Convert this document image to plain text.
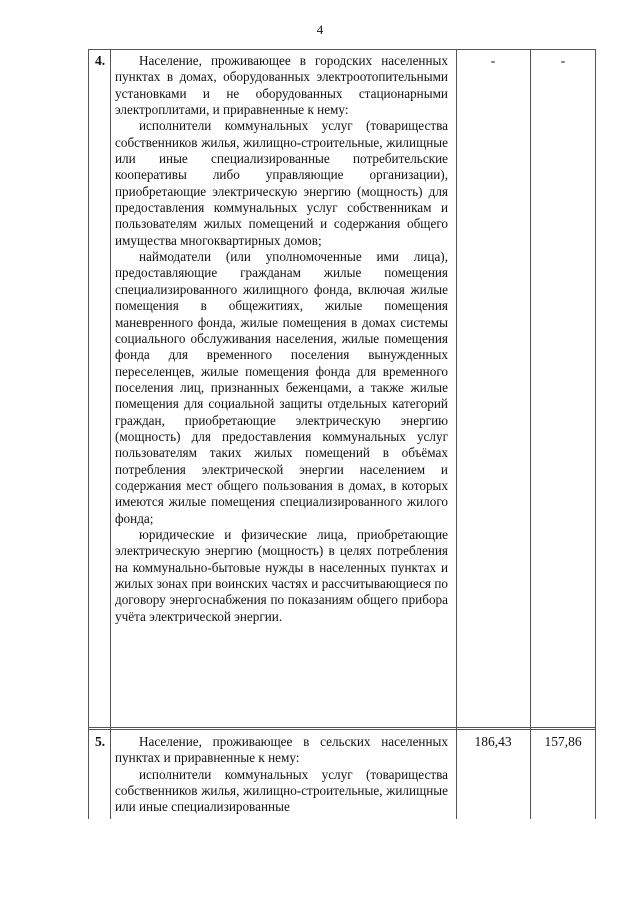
4
4.	Население, проживающее в городских населенных пунктах в домах, оборудованных электроотопительными установками и не оборудованных стационарными электроплитами, и приравненные к нему:

исполнители коммунальных услуг (товарищества собственников жилья, жилищно-строительные, жилищные или иные специализированные потребительские кооперативы либо управляющие организации), приобретающие электрическую энергию (мощность) для предоставления коммунальных услуг собственникам и пользователям жилых помещений и содержания общего имущества многоквартирных домов;

наймодатели (или уполномоченные ими лица), предоставляющие гражданам жилые помещения специализированного жилищного фонда, включая жилые помещения в общежитиях, жилые помещения маневренного фонда, жилые помещения в домах системы социального обслуживания населения, жилые помещения фонда для временного поселения вынужденных переселенцев, жилые помещения фонда для временного поселения лиц, признанных беженцами, а также жилые помещения для социальной защиты отдельных категорий граждан, приобретающие электрическую энергию (мощность) для предоставления коммунальных услуг пользователям таких жилых помещений в объёмах потребления электрической энергии населением и содержания мест общего пользования в домах, в которых имеются жилые помещения специализированного жилого фонда;

юридические и физические лица, приобретающие электрическую энергию (мощность) в целях потребления на коммунально-бытовые нужды в населенных пунктах и жилых зонах при воинских частях и рассчитывающиеся по договору энергоснабжения по показаниям общего прибора учёта электрической энергии.

-	-
5.	Население, проживающее в сельских населенных пунктах и приравненные к нему:

исполнители коммунальных услуг (товарищества собственников жилья, жилищно-строительные, жилищные или иные специализированные

186,43	157,86
